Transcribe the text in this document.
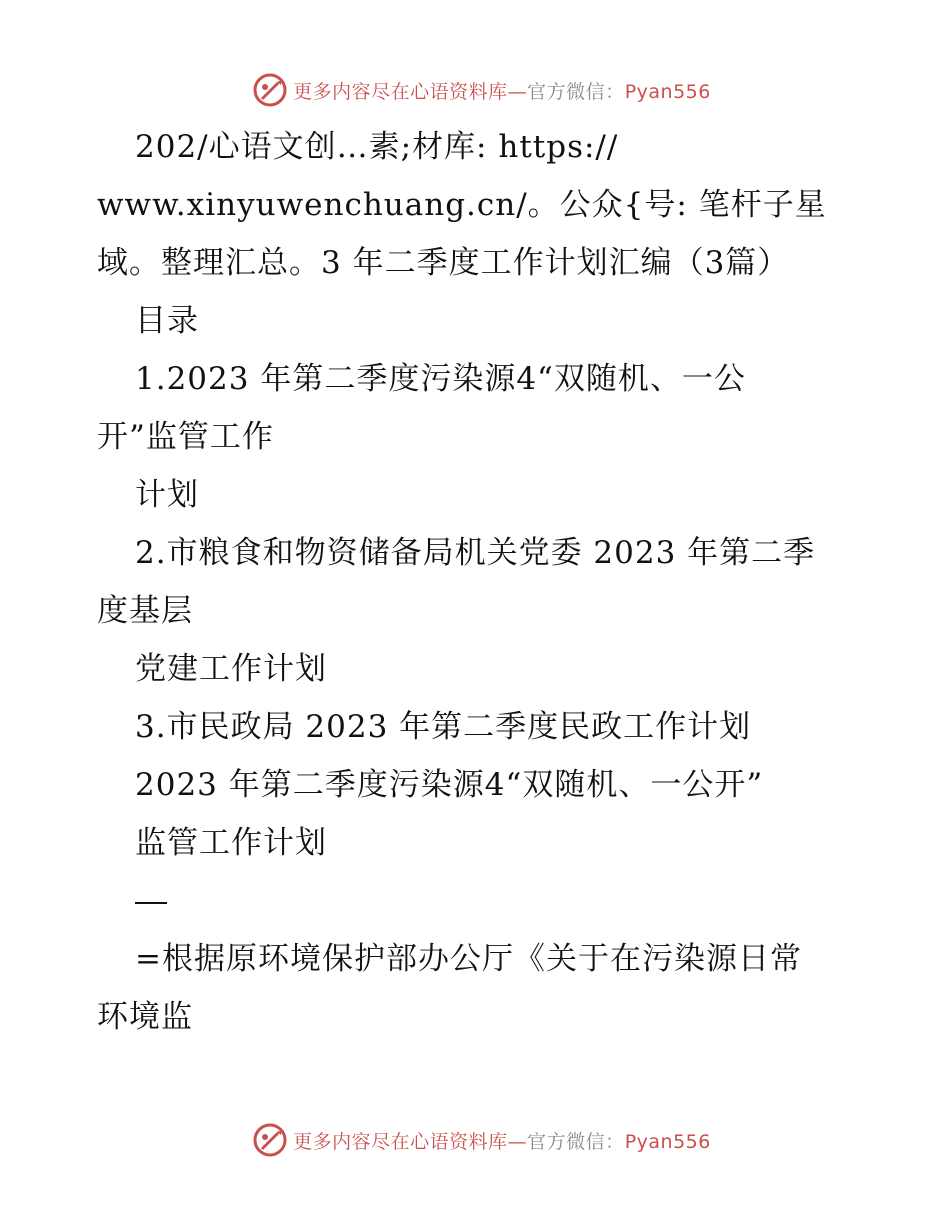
更多内容尽在心语资料库—官方微信：Pyan556
202/心语文创…素;材库: https://
www.xinyuwenchuang.cn/。公众{号: 笔杆子星
域。整理汇总。3 年二季度工作计划汇编（3篇）
目录
1.2023 年第二季度污染源4“双随机、一公
开”监管工作
计划
2.市粮食和物资储备局机关党委 2023 年第二季
度基层
党建工作计划
3.市民政局 2023 年第二季度民政工作计划
2023 年第二季度污染源4“双随机、一公开”
监管工作计划
=根据原环境保护部办公厅《关于在污染源日常
环境监
更多内容尽在心语资料库—官方微信：Pyan556
